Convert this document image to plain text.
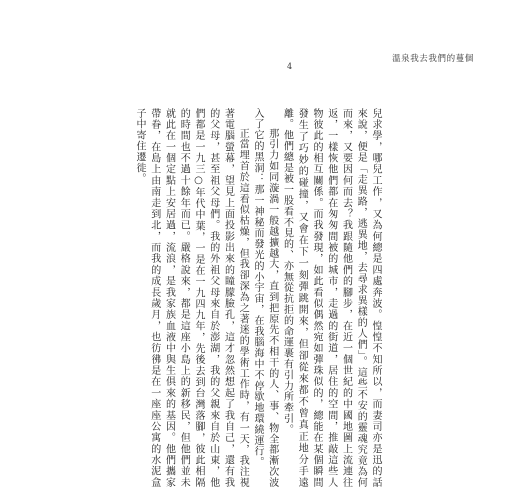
4
溫泉我去我們的蔓個

兒求學，哪兒工作，又為何總是四處奔波。惶惶不知所以，而妻司亦是迅的話來說，便是「走異路，逃異地，去尋求異樣的人們」。這些不安的靈魂究竟為何而來，又要因何而去？我跟隨他們的腳步，在近一個世紀的中國地圖上流連往返，一樣恢他們都在匆匆間被的城市，走過的街道，居住的空間，推敲這些人物彼此的相互關係。而我發現，如此看似偶然宛如彈珠似的，總能在某個瞬間發生了巧妙的碰撞，又會在下一刻彈跳開來，但卻從來都不曾真正地分手遠離。他們總是被一股看不見的、亦無從抗拒的命運裹有引力所牽引。

那引力如同漩渦一般越擴越大，直到把原先不相干的人、事、物全都漸次波入了它的黑洞：那一神秘而發光的小宇宙，在我腦海中不停歇地環繞運行。

正當埋首於這看似枯燥，但我卻深為之著迷的學術工作時，有一天，我注視著電腦螢幕，望見上面投影出來的瞳朦臉孔，這才忽然想起了我自己，還有我的父母，甚至祖父母們。我的外祖父母來自於澎湖，我的父親來自於山東，他們都是一九三○年代中葉，一是在一九四九年，先後去到台灣落腳，彼此相隔的時間也不過十餘年而已。嚴格說來，都是這座小島上的新移民，但他們並未就此在一個定點上安居過，流浪，是我家族血液中與生俱來的基因。他們攜家帶眷，在島上由南走到北，而我的成長歲月，也彷彿是在一座座公寓的水泥盒子中寄住遷徙。
